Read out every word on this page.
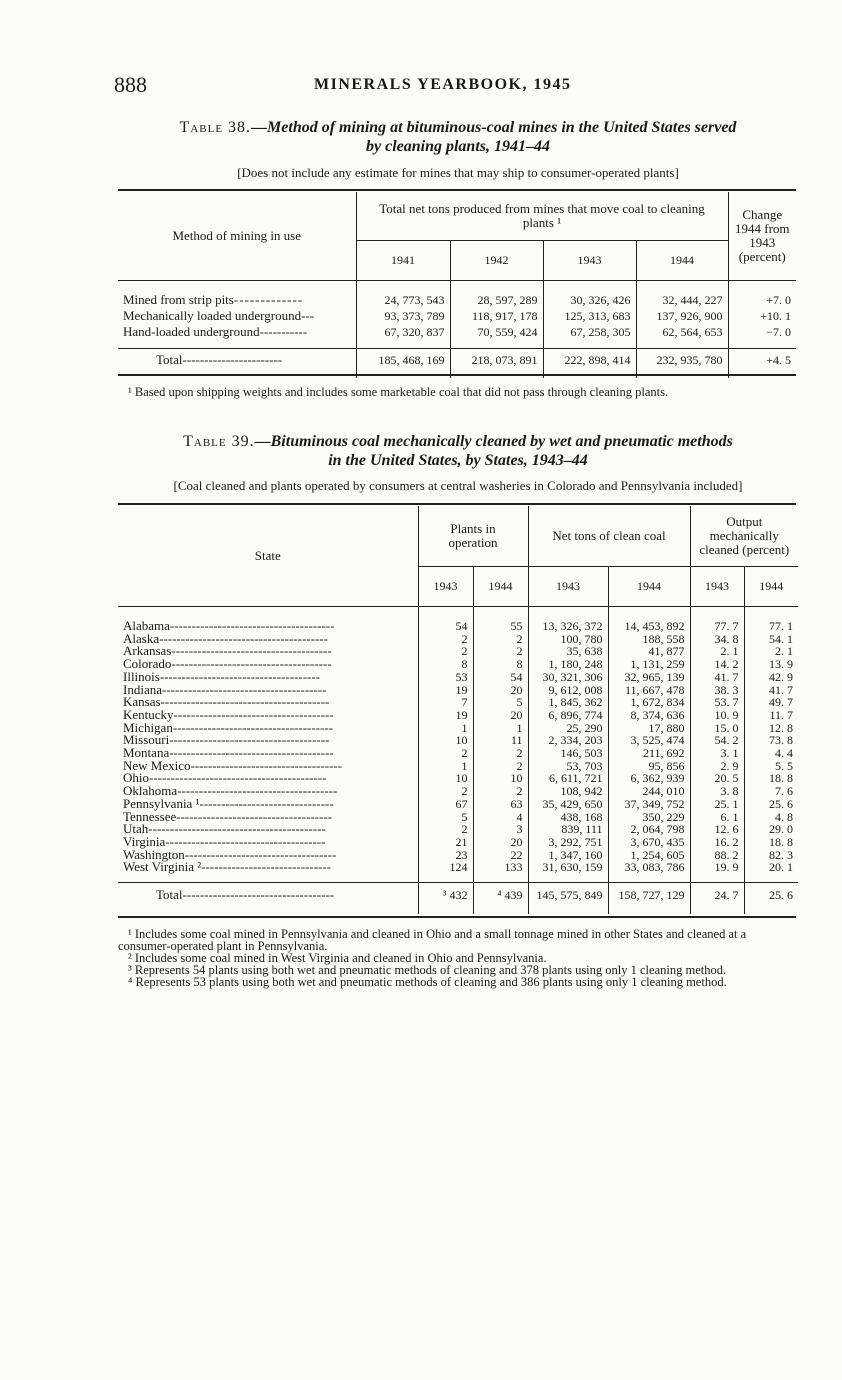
888	MINERALS YEARBOOK, 1945
Table 38.—Method of mining at bituminous-coal mines in the United States served
by cleaning plants, 1941–44
[Does not include any estimate for mines that may ship to consumer-operated plants]
Method of mining in use	Total net tons produced from mines that move coal to cleaning plants ¹				Change 1944 from 1943 (percent)
	1941	1942	1943	1944	

Mined from strip pits-------------	24, 773, 543	28, 597, 289	30, 326, 426	32, 444, 227	+7. 0
Mechanically loaded underground---	93, 373, 789	118, 917, 178	125, 313, 683	137, 926, 900	+10. 1
Hand-loaded underground-----------	67, 320, 837	70, 559, 424	67, 258, 305	62, 564, 653	−7. 0

Total-----------------------	185, 468, 169	218, 073, 891	222, 898, 414	232, 935, 780	+4. 5

¹ Based upon shipping weights and includes some marketable coal that did not pass through cleaning plants.

Table 39.—Bituminous coal mechanically cleaned by wet and pneumatic methods
in the United States, by States, 1943–44
[Coal cleaned and plants operated by consumers at central washeries in Colorado and Pennsylvania included]
State	Plants in operation		Net tons of clean coal		Output mechanically cleaned (percent)	
	1943	1944	1943	1944	1943	1944

Alabama--------------------------------------	54	55	13, 326, 372	14, 453, 892	77. 7	77. 1
Alaska---------------------------------------	2	2	100, 780	188, 558	34. 8	54. 1
Arkansas-------------------------------------	2	2	35, 638	41, 877	2. 1	2. 1
Colorado-------------------------------------	8	8	1, 180, 248	1, 131, 259	14. 2	13. 9
Illinois-------------------------------------	53	54	30, 321, 306	32, 965, 139	41. 7	42. 9
Indiana--------------------------------------	19	20	9, 612, 008	11, 667, 478	38. 3	41. 7
Kansas---------------------------------------	7	5	1, 845, 362	1, 672, 834	53. 7	49. 7
Kentucky-------------------------------------	19	20	6, 896, 774	8, 374, 636	10. 9	11. 7
Michigan-------------------------------------	1	1	25, 290	17, 880	15. 0	12. 8
Missouri-------------------------------------	10	11	2, 334, 203	3, 525, 474	54. 2	73. 8
Montana--------------------------------------	2	2	146, 503	211, 692	3. 1	4. 4
New Mexico-----------------------------------	1	2	53, 703	95, 856	2. 9	5. 5
Ohio-----------------------------------------	10	10	6, 611, 721	6, 362, 939	20. 5	18. 8
Oklahoma-------------------------------------	2	2	108, 942	244, 010	3. 8	7. 6
Pennsylvania ¹-------------------------------	67	63	35, 429, 650	37, 349, 752	25. 1	25. 6
Tennessee------------------------------------	5	4	438, 168	350, 229	6. 1	4. 8
Utah-----------------------------------------	2	3	839, 111	2, 064, 798	12. 6	29. 0
Virginia-------------------------------------	21	20	3, 292, 751	3, 670, 435	16. 2	18. 8
Washington-----------------------------------	23	22	1, 347, 160	1, 254, 605	88. 2	82. 3
West Virginia ²------------------------------	124	133	31, 630, 159	33, 083, 786	19. 9	20. 1

Total-----------------------------------	³ 432	⁴ 439	145, 575, 849	158, 727, 129	24. 7	25. 6

¹ Includes some coal mined in Pennsylvania and cleaned in Ohio and a small tonnage mined in other States and cleaned at a consumer-operated plant in Pennsylvania.

² Includes some coal mined in West Virginia and cleaned in Ohio and Pennsylvania.

³ Represents 54 plants using both wet and pneumatic methods of cleaning and 378 plants using only 1 cleaning method.

⁴ Represents 53 plants using both wet and pneumatic methods of cleaning and 386 plants using only 1 cleaning method.
